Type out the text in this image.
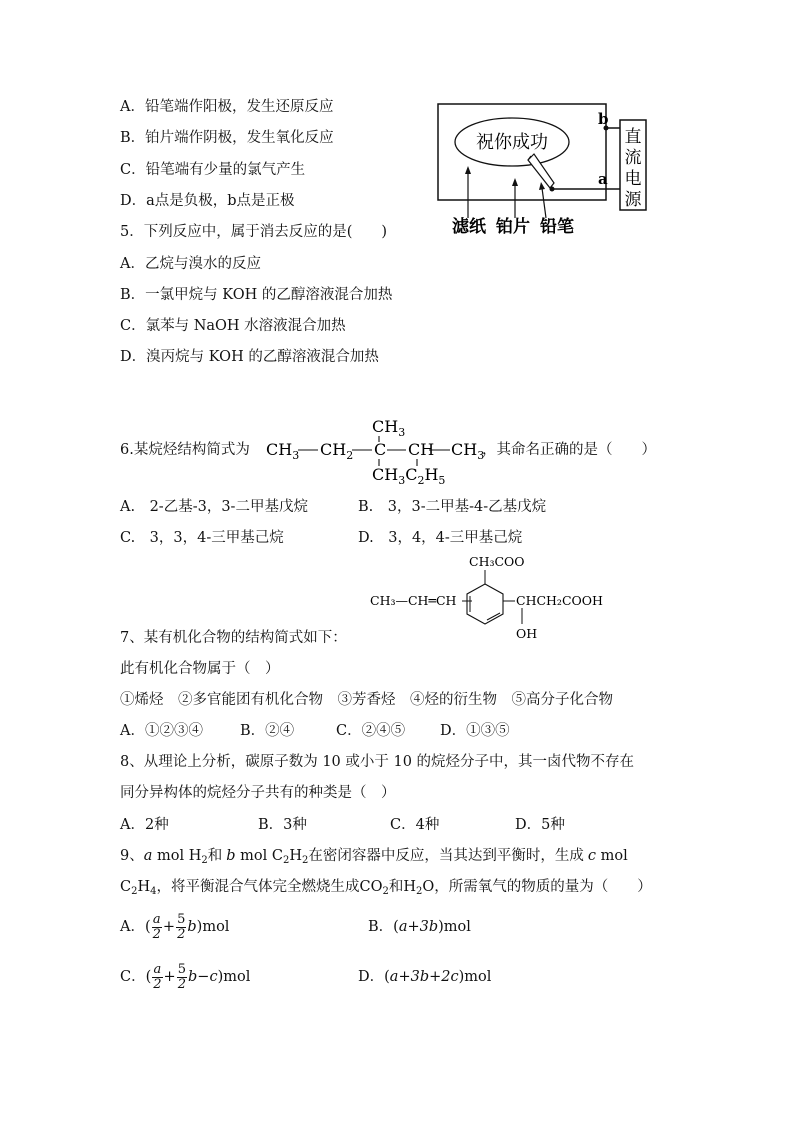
A．铅笔端作阳极，发生还原反应
B．铂片端作阴极，发生氧化反应
C．铅笔端有少量的氯气产生
D．a点是负极，b点是正极
祝你成功	直
流
电
源
b
a
滤纸 铂片 铅笔
5．下列反应中，属于消去反应的是(　　)
A．乙烷与溴水的反应
B．一氯甲烷与 KOH 的乙醇溶液混合加热
C．氯苯与 NaOH 水溶液混合加热
D．溴丙烷与 KOH 的乙醇溶液混合加热
6.某烷烃结构简式为
$CH_3$
$CH_3$ $CH_2$ C CH $CH_3$
$CH_3C_2H_5$
，其命名正确的是（　　）
A.　2-乙基-3，3-二甲基戊烷	B.　3，3-二甲基-4-乙基戊烷
C.　3，3，4-三甲基己烷	D.　3，4，4-三甲基己烷
CH₃COO
CH₃—CH═CH	CHCH₂COOH
OH
7、某有机化合物的结构简式如下：
此有机化合物属于（　）
①烯烃　②多官能团有机化合物　③芳香烃　④烃的衍生物　⑤高分子化合物
A．①②③④	B．②④	C．②④⑤ D．①③⑤
8、从理论上分析，碳原子数为 10 或小于 10 的烷烃分子中，其一卤代物不存在
同分异构体的烷烃分子共有的种类是（　）
A．2种	B．3种	C．4种	D．5种
9、a mol $H_2$和 b mol $C_2H_2$在密闭容器中反应，当其达到平衡时，生成 c mol
$C_2H_4$，将平衡混合气体完全燃烧生成$CO_2$和$H_2O$，所需氧气的物质的量为（　　）
A．( $\frac{a}{2} + \frac{5}{2} b)mol$	B．(a+3b)mol
C．( $\frac{a}{2} + \frac{5}{2} b-c)mol$	D．(a+3b+2c)mol
